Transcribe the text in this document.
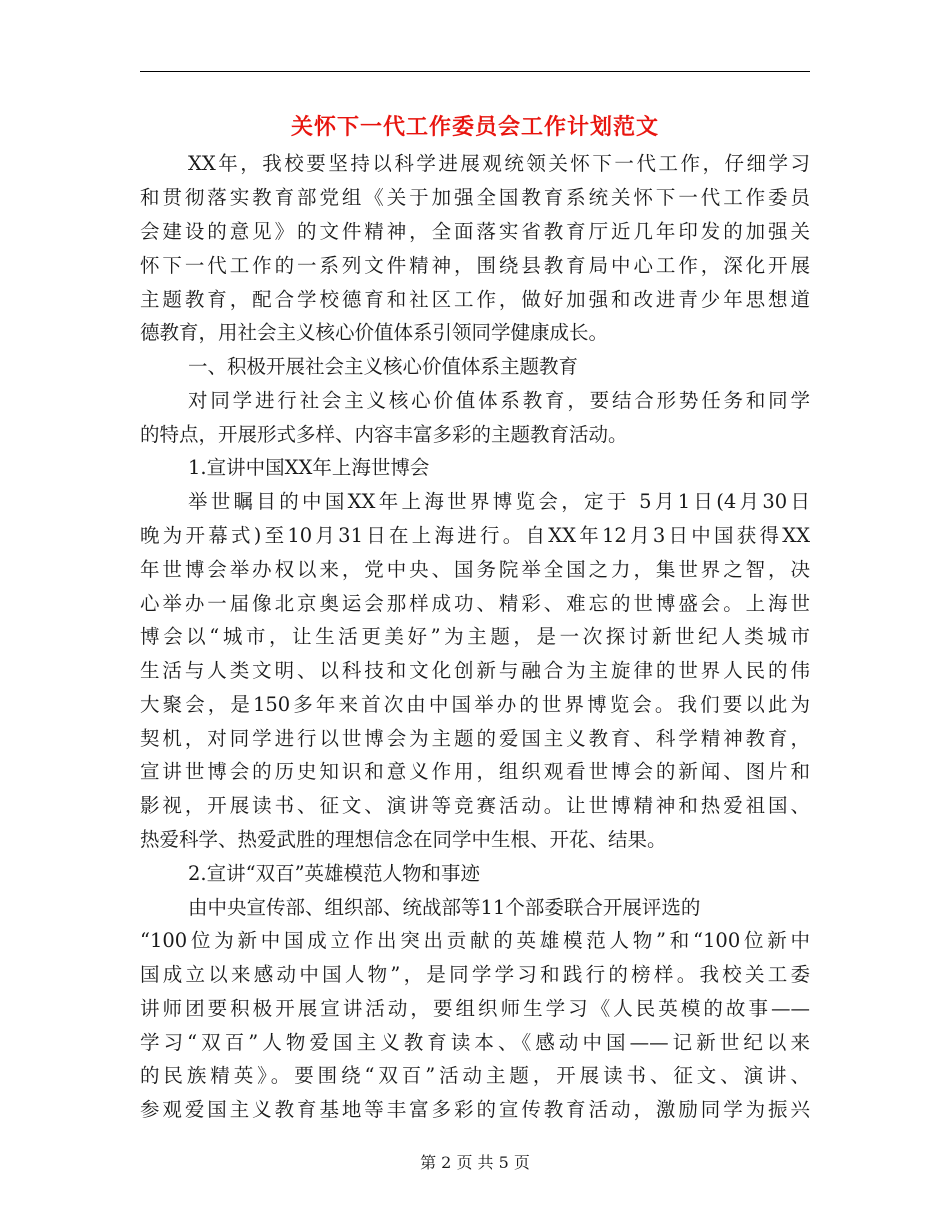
关怀下一代工作委员会工作计划范文
XX年，我校要坚持以科学进展观统领关怀下一代工作，仔细学习
和贯彻落实教育部党组《关于加强全国教育系统关怀下一代工作委员
会建设的意见》的文件精神，全面落实省教育厅近几年印发的加强关
怀下一代工作的一系列文件精神，围绕县教育局中心工作，深化开展
主题教育，配合学校德育和社区工作，做好加强和改进青少年思想道
德教育，用社会主义核心价值体系引领同学健康成长。
一、积极开展社会主义核心价值体系主题教育
对同学进行社会主义核心价值体系教育，要结合形势任务和同学
的特点，开展形式多样、内容丰富多彩的主题教育活动。
1.宣讲中国XX年上海世博会
举世瞩目的中国XX年上海世界博览会，定于 5月1日(4月30日
晚为开幕式)至10月31日在上海进行。自XX年12月3日中国获得XX
年世博会举办权以来，党中央、国务院举全国之力，集世界之智，决
心举办一届像北京奥运会那样成功、精彩、难忘的世博盛会。上海世
博会以“城市，让生活更美好”为主题，是一次探讨新世纪人类城市
生活与人类文明、以科技和文化创新与融合为主旋律的世界人民的伟
大聚会，是150多年来首次由中国举办的世界博览会。我们要以此为
契机，对同学进行以世博会为主题的爱国主义教育、科学精神教育，
宣讲世博会的历史知识和意义作用，组织观看世博会的新闻、图片和
影视，开展读书、征文、演讲等竞赛活动。让世博精神和热爱祖国、
热爱科学、热爱武胜的理想信念在同学中生根、开花、结果。
2.宣讲“双百”英雄模范人物和事迹
由中央宣传部、组织部、统战部等11个部委联合开展评选的
“100位为新中国成立作出突出贡献的英雄模范人物”和“100位新中
国成立以来感动中国人物”，是同学学习和践行的榜样。我校关工委
讲师团要积极开展宣讲活动，要组织师生学习《人民英模的故事——
学习“双百”人物爱国主义教育读本、《感动中国——记新世纪以来
的民族精英》。要围绕“双百”活动主题，开展读书、征文、演讲、
参观爱国主义教育基地等丰富多彩的宣传教育活动，激励同学为振兴
第 2 页 共 5 页
